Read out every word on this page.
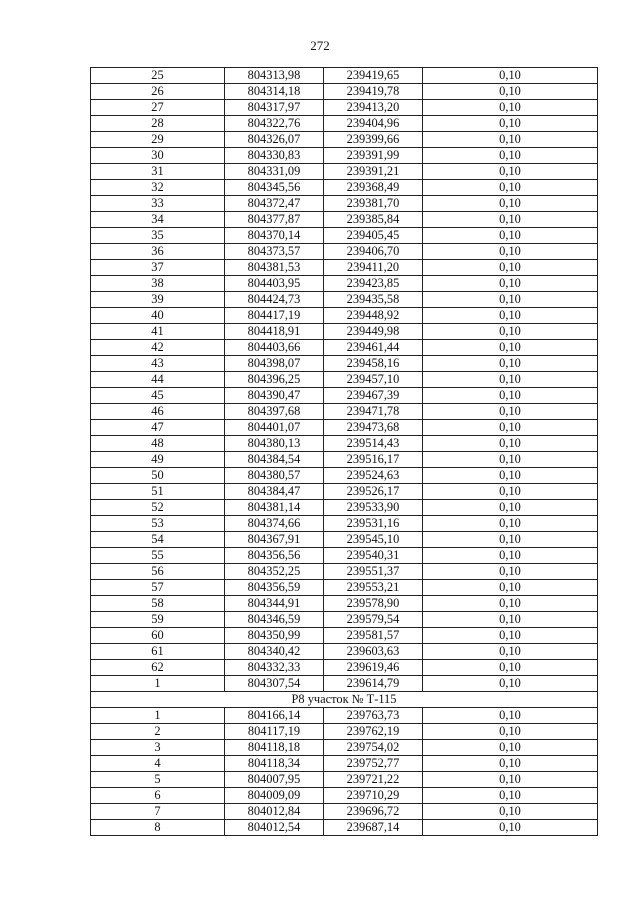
272
25	804313,98	239419,65	0,10
26	804314,18	239419,78	0,10
27	804317,97	239413,20	0,10
28	804322,76	239404,96	0,10
29	804326,07	239399,66	0,10
30	804330,83	239391,99	0,10
31	804331,09	239391,21	0,10
32	804345,56	239368,49	0,10
33	804372,47	239381,70	0,10
34	804377,87	239385,84	0,10
35	804370,14	239405,45	0,10
36	804373,57	239406,70	0,10
37	804381,53	239411,20	0,10
38	804403,95	239423,85	0,10
39	804424,73	239435,58	0,10
40	804417,19	239448,92	0,10
41	804418,91	239449,98	0,10
42	804403,66	239461,44	0,10
43	804398,07	239458,16	0,10
44	804396,25	239457,10	0,10
45	804390,47	239467,39	0,10
46	804397,68	239471,78	0,10
47	804401,07	239473,68	0,10
48	804380,13	239514,43	0,10
49	804384,54	239516,17	0,10
50	804380,57	239524,63	0,10
51	804384,47	239526,17	0,10
52	804381,14	239533,90	0,10
53	804374,66	239531,16	0,10
54	804367,91	239545,10	0,10
55	804356,56	239540,31	0,10
56	804352,25	239551,37	0,10
57	804356,59	239553,21	0,10
58	804344,91	239578,90	0,10
59	804346,59	239579,54	0,10
60	804350,99	239581,57	0,10
61	804340,42	239603,63	0,10
62	804332,33	239619,46	0,10
1	804307,54	239614,79	0,10
Р8 участок № Т-115			
1	804166,14	239763,73	0,10
2	804117,19	239762,19	0,10
3	804118,18	239754,02	0,10
4	804118,34	239752,77	0,10
5	804007,95	239721,22	0,10
6	804009,09	239710,29	0,10
7	804012,84	239696,72	0,10
8	804012,54	239687,14	0,10
